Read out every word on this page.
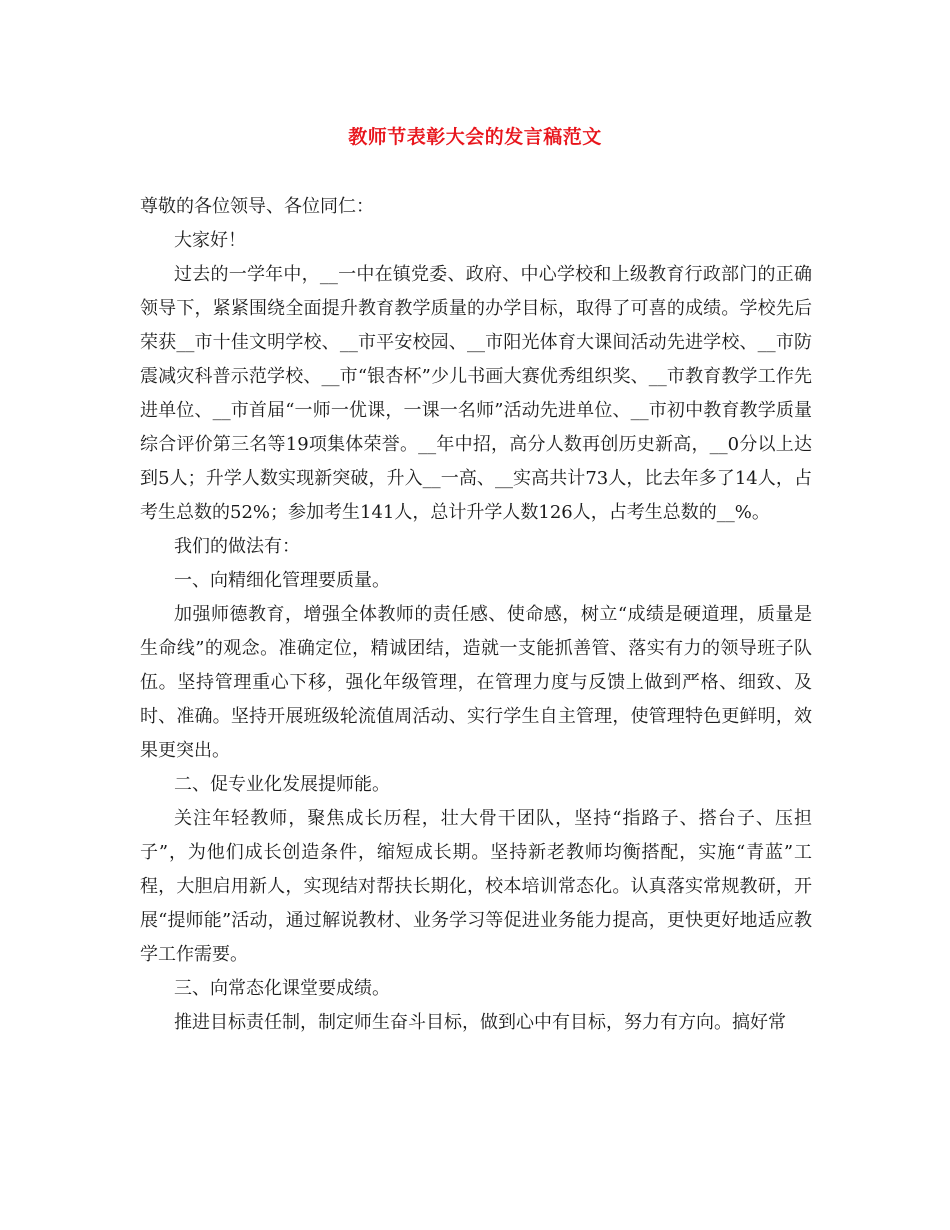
教师节表彰大会的发言稿范文

尊敬的各位领导、各位同仁：

大家好！

过去的一学年中，__一中在镇党委、政府、中心学校和上级教育行政部门的正确领导下，紧紧围绕全面提升教育教学质量的办学目标，取得了可喜的成绩。学校先后荣获__市十佳文明学校、__市平安校园、__市阳光体育大课间活动先进学校、__市防震减灾科普示范学校、__市“银杏杯”少儿书画大赛优秀组织奖、__市教育教学工作先进单位、__市首届“一师一优课，一课一名师”活动先进单位、__市初中教育教学质量综合评价第三名等19项集体荣誉。__年中招，高分人数再创历史新高，__0分以上达到5人；升学人数实现新突破，升入__一高、__实高共计73人，比去年多了14人，占考生总数的52%；参加考生141人，总计升学人数126人，占考生总数的__%。

我们的做法有：

一、向精细化管理要质量。

加强师德教育，增强全体教师的责任感、使命感，树立“成绩是硬道理，质量是生命线”的观念。准确定位，精诚团结，造就一支能抓善管、落实有力的领导班子队伍。坚持管理重心下移，强化年级管理，在管理力度与反馈上做到严格、细致、及时、准确。坚持开展班级轮流值周活动、实行学生自主管理，使管理特色更鲜明，效果更突出。

二、促专业化发展提师能。

关注年轻教师，聚焦成长历程，壮大骨干团队，坚持“指路子、搭台子、压担子”，为他们成长创造条件，缩短成长期。坚持新老教师均衡搭配，实施“青蓝”工程，大胆启用新人，实现结对帮扶长期化，校本培训常态化。认真落实常规教研，开展“提师能”活动，通过解说教材、业务学习等促进业务能力提高，更快更好地适应教学工作需要。

三、向常态化课堂要成绩。

推进目标责任制，制定师生奋斗目标，做到心中有目标，努力有方向。搞好常
